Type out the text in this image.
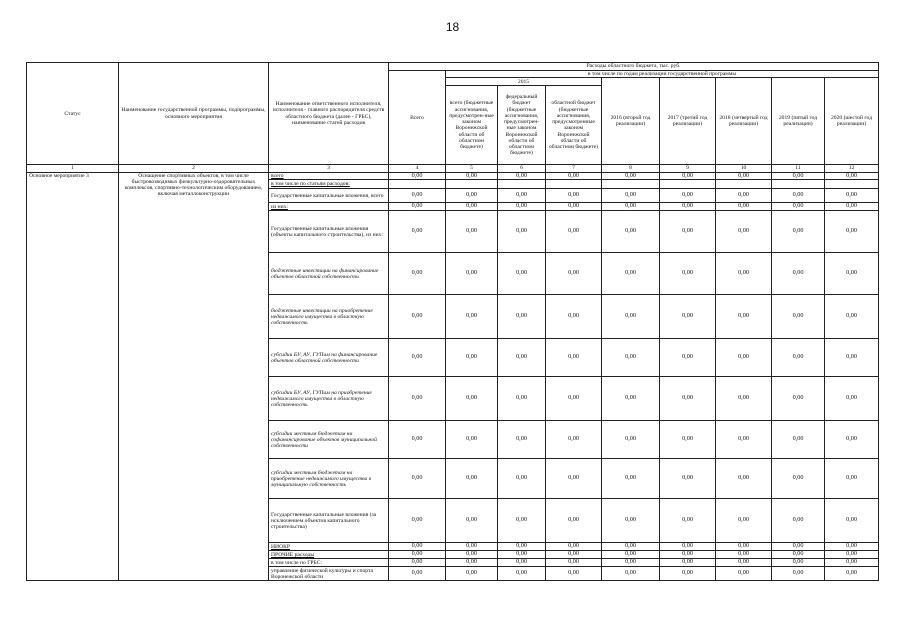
18
Статус	Наименование государственной программы, подпрограммы, основного мероприятия	Наименование ответственного исполнителя, исполнителя - главного распорядителя средств областного бюджета (далее - ГРБС), наименование статей расходов	Расходы областного бюджета, тыс. руб.								
			Всего	в том числе по годам реализации государственной программы							
				2015			2016 (второй год реализации)	2017 (третий год реализации)	2018 (четвертый год реализации)	2019 (пятый год реализации)	2020 (шестой год реализации)
				всего (бюджетные ассигнования, предусмотрен-ные законом Воронежской области об областном бюджете)	федеральный бюджет (бюджетные ассигнования, предусмотрен-ные законом Воронежской области об областном бюджете)	областной бюджет (бюджетные ассигнования, предусмотренные законом Воронежской области об областном бюджете)					
1	2	3	4	5	6	7	8	9	10	11	12
Основное мероприятие 3	Оснащение спортивных объектов, в том числе быстровозводимых физкультурно-оздоровительных комплексов, спортивно-технологическим оборудованием, включая металлоконструкции	всего	0,00	0,00	0,00	0,00	0,00	0,00	0,00	0,00	0,00
		в том числе по статьям расходов:									
		Государственные капитальные вложения, всего	0,00	0,00	0,00	0,00	0,00	0,00	0,00	0,00	0,00
		из них:	0,00	0,00	0,00	0,00	0,00	0,00	0,00	0,00	0,00
		Государственные капитальные вложения (объекты капитального строительства), из них:	0,00	0,00	0,00	0,00	0,00	0,00	0,00	0,00	0,00
		бюджетные инвестиции на финансирование объектов областной собственности	0,00	0,00	0,00	0,00	0,00	0,00	0,00	0,00	0,00
		бюджетные инвестиции на приобретение недвижимого имущества в областную собственность	0,00	0,00	0,00	0,00	0,00	0,00	0,00	0,00	0,00
		субсидии БУ, АУ, ГУПам на финансирование объектов областной собственности	0,00	0,00	0,00	0,00	0,00	0,00	0,00	0,00	0,00
		субсидии БУ, АУ, ГУПам на приобретение недвижимого имущества в областную собственность	0,00	0,00	0,00	0,00	0,00	0,00	0,00	0,00	0,00
		субсидии местным бюджетам на софинансирование объектов муниципальной собственности	0,00	0,00	0,00	0,00	0,00	0,00	0,00	0,00	0,00
		субсидии местным бюджетам на приобретение недвижимого имущества в муниципальную собственность	0,00	0,00	0,00	0,00	0,00	0,00	0,00	0,00	0,00
		Государственные капитальные вложения (за исключением объектов капитального строительства)	0,00	0,00	0,00	0,00	0,00	0,00	0,00	0,00	0,00
		НИОКР	0,00	0,00	0,00	0,00	0,00	0,00	0,00	0,00	0,00
		ПРОЧИЕ расходы	0,00	0,00	0,00	0,00	0,00	0,00	0,00	0,00	0,00
		в том числе по ГРБС:	0,00	0,00	0,00	0,00	0,00	0,00	0,00	0,00	0,00
		управление физической культуры и спорта Воронежской области	0,00	0,00	0,00	0,00	0,00	0,00	0,00	0,00	0,00
